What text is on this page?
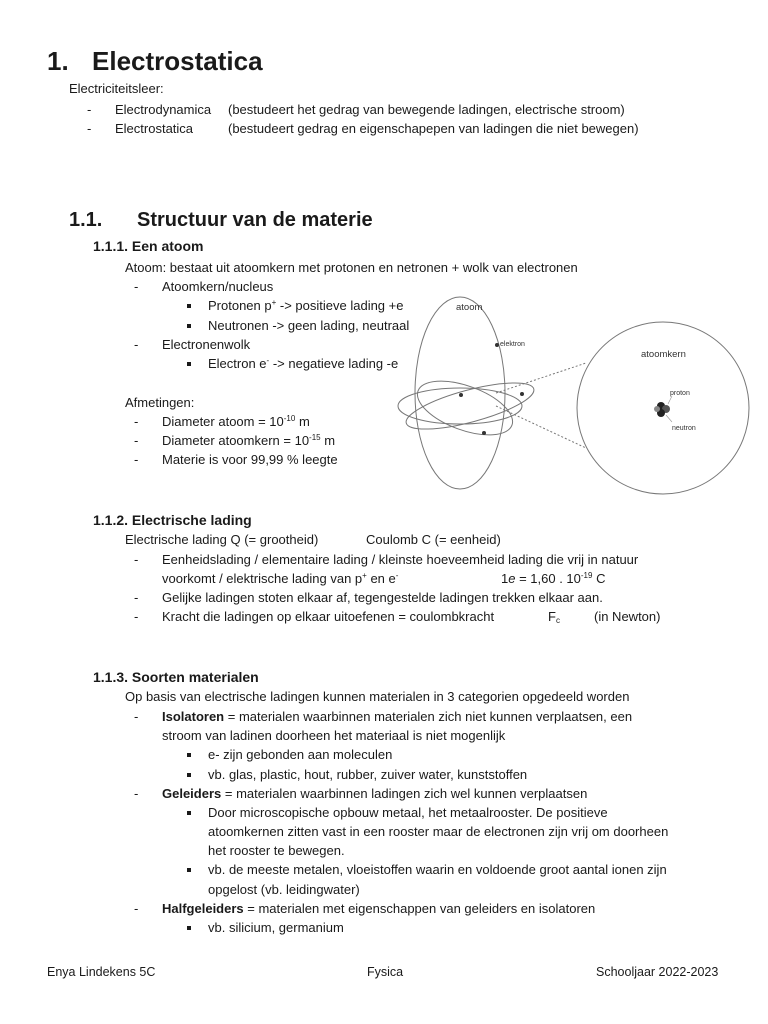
1. Electrostatica
Electriciteitsleer:
- Electrodynamica (bestudeert het gedrag van bewegende ladingen, electrische stroom)
- Electrostatica	(bestudeert gedrag en eigenschapepen van ladingen die niet bewegen)
1.1. Structuur van de materie
1.1.1. Een atoom
Atoom: bestaat uit atoomkern met protonen en netronen + wolk van electronen
- Atoomkern/nucleus
Protonen p+ -> positieve lading +e
Neutronen -> geen lading, neutraal
- Electronenwolk
Electron e- -> negatieve lading -e
Afmetingen:
- Diameter atoom = $10^{-10}$ m
- Diameter atoomkern = $10^{-15}$ m
- Materie is voor 99,99 % leegte
atoom
elektron
atoomkern
proton
neutron
1.1.2. Electrische lading
Electrische lading Q (= grootheid)	Coulomb C (= eenheid)
- Eenheidslading / elementaire lading / kleinste hoeveemheid lading die vrij in natuur
voorkomt / elektrische lading van p+ en e-	1e = 1,60 . $10^{-19}$ C
- Gelijke ladingen stoten elkaar af, tegengestelde ladingen trekken elkaar aan.
- Kracht die ladingen op elkaar uitoefenen = coulombkracht	$F_c$	(in Newton)
1.1.3. Soorten materialen
Op basis van electrische ladingen kunnen materialen in 3 categorien opgedeeld worden
- Isolatoren = materialen waarbinnen materialen zich niet kunnen verplaatsen, een
stroom van ladinen doorheen het materiaal is niet mogenlijk
e- zijn gebonden aan moleculen
vb. glas, plastic, hout, rubber, zuiver water, kunststoffen
- Geleiders = materialen waarbinnen ladingen zich wel kunnen verplaatsen
Door microscopische opbouw metaal, het metaalrooster. De positieve
atoomkernen zitten vast in een rooster maar de electronen zijn vrij om doorheen
het rooster te bewegen.
vb. de meeste metalen, vloeistoffen waarin en voldoende groot aantal ionen zijn
opgelost (vb. leidingwater)
- Halfgeleiders = materialen met eigenschappen van geleiders en isolatoren
vb. silicium, germanium
Enya Lindekens 5C	Fysica	Schooljaar 2022-2023
